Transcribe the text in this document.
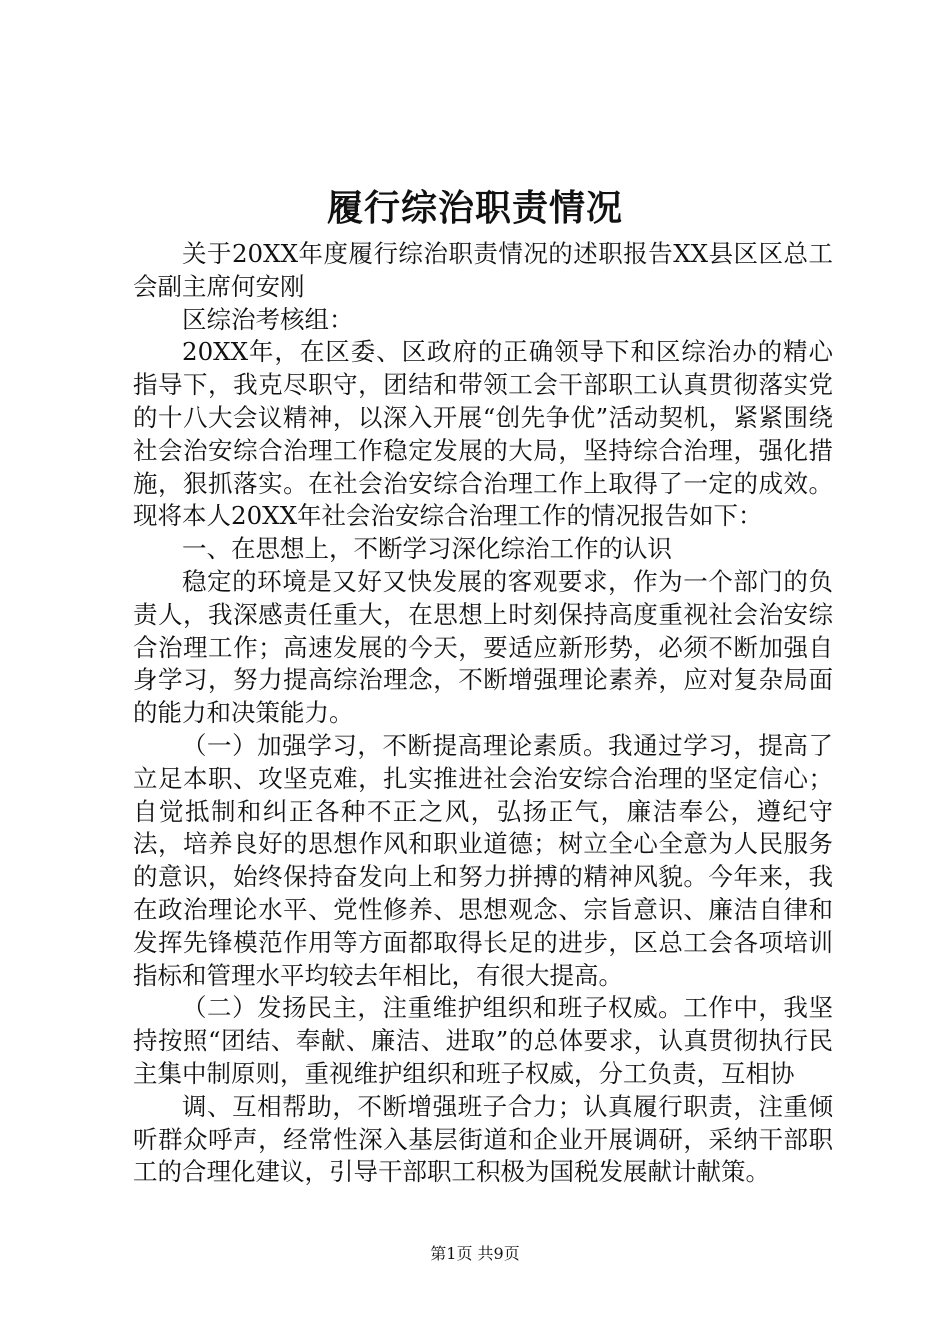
履行综治职责情况

关于20XX年度履行综治职责情况的述职报告XX县区区总工会副主席何安刚

区综治考核组：

20XX年，在区委、区政府的正确领导下和区综治办的精心指导下，我克尽职守，团结和带领工会干部职工认真贯彻落实党的十八大会议精神，以深入开展“创先争优”活动契机，紧紧围绕社会治安综合治理工作稳定发展的大局，坚持综合治理，强化措施，狠抓落实。在社会治安综合治理工作上取得了一定的成效。现将本人20XX年社会治安综合治理工作的情况报告如下：

一、在思想上，不断学习深化综治工作的认识

稳定的环境是又好又快发展的客观要求，作为一个部门的负责人，我深感责任重大，在思想上时刻保持高度重视社会治安综合治理工作；高速发展的今天，要适应新形势，必须不断加强自身学习，努力提高综治理念，不断增强理论素养，应对复杂局面的能力和决策能力。

（一）加强学习，不断提高理论素质。我通过学习，提高了立足本职、攻坚克难，扎实推进社会治安综合治理的坚定信心；自觉抵制和纠正各种不正之风，弘扬正气，廉洁奉公，遵纪守法，培养良好的思想作风和职业道德；树立全心全意为人民服务的意识，始终保持奋发向上和努力拼搏的精神风貌。今年来，我在政治理论水平、党性修养、思想观念、宗旨意识、廉洁自律和发挥先锋模范作用等方面都取得长足的进步，区总工会各项培训指标和管理水平均较去年相比，有很大提高。

（二）发扬民主，注重维护组织和班子权威。工作中，我坚持按照“团结、奉献、廉洁、进取”的总体要求，认真贯彻执行民主集中制原则，重视维护组织和班子权威，分工负责，互相协

调、互相帮助，不断增强班子合力；认真履行职责，注重倾听群众呼声，经常性深入基层街道和企业开展调研，采纳干部职工的合理化建议，引导干部职工积极为国税发展献计献策。

第1页 共9页
